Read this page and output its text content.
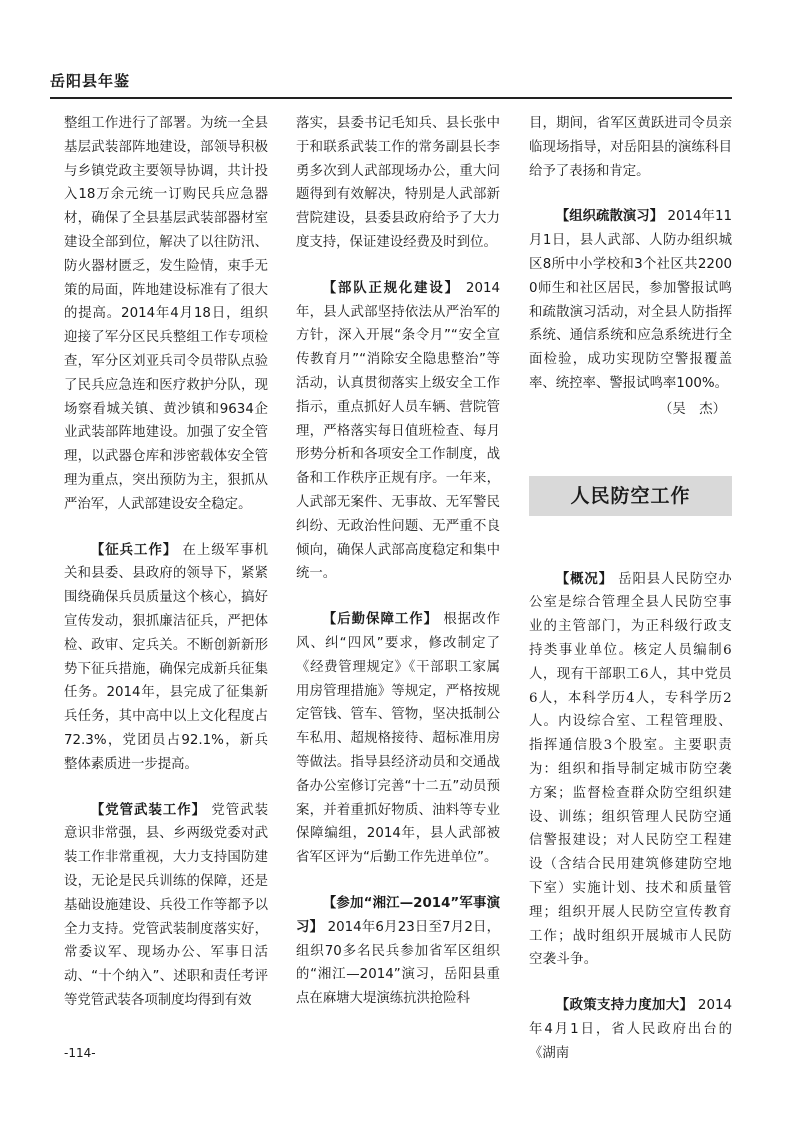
岳阳县年鉴

整组工作进行了部署。为统一全县基层武装部阵地建设，部领导积极与乡镇党政主要领导协调，共计投入18万余元统一订购民兵应急器材，确保了全县基层武装部器材室建设全部到位，解决了以往防汛、防火器材匮乏，发生险情，束手无策的局面，阵地建设标准有了很大的提高。2014年4月18日，组织迎接了军分区民兵整组工作专项检查，军分区刘亚兵司令员带队点验了民兵应急连和医疗救护分队，现场察看城关镇、黄沙镇和9634企业武装部阵地建设。加强了安全管理，以武器仓库和涉密载体安全管理为重点，突出预防为主，狠抓从严治军，人武部建设安全稳定。

【征兵工作】 在上级军事机关和县委、县政府的领导下，紧紧围绕确保兵员质量这个核心，搞好宣传发动，狠抓廉洁征兵，严把体检、政审、定兵关。不断创新新形势下征兵措施，确保完成新兵征集任务。2014年，县完成了征集新兵任务，其中高中以上文化程度占72.3%，党团员占92.1%，新兵整体素质进一步提高。

【党管武装工作】 党管武装意识非常强，县、乡两级党委对武装工作非常重视，大力支持国防建设，无论是民兵训练的保障，还是基础设施建设、兵役工作等都予以全力支持。党管武装制度落实好，常委议军、现场办公、军事日活动、“十个纳入”、述职和责任考评等党管武装各项制度均得到有效

落实，县委书记毛知兵、县长张中于和联系武装工作的常务副县长李勇多次到人武部现场办公，重大问题得到有效解决，特别是人武部新营院建设，县委县政府给予了大力度支持，保证建设经费及时到位。

【部队正规化建设】 2014年，县人武部坚持依法从严治军的方针，深入开展“条令月”“安全宣传教育月”“消除安全隐患整治”等活动，认真贯彻落实上级安全工作指示，重点抓好人员车辆、营院管理，严格落实每日值班检查、每月形势分析和各项安全工作制度，战备和工作秩序正规有序。一年来，人武部无案件、无事故、无军警民纠纷、无政治性问题、无严重不良倾向，确保人武部高度稳定和集中统一。

【后勤保障工作】 根据改作风、纠“四风”要求，修改制定了《经费管理规定》《干部职工家属用房管理措施》等规定，严格按规定管钱、管车、管物，坚决抵制公车私用、超规格接待、超标准用房等做法。指导县经济动员和交通战备办公室修订完善“十二五”动员预案，并着重抓好物质、油料等专业保障编组，2014年，县人武部被省军区评为“后勤工作先进单位”。

【参加“湘江—2014”军事演习】 2014年6月23日至7月2日，组织70多名民兵参加省军区组织的“湘江—2014”演习，岳阳县重点在麻塘大堤演练抗洪抢险科

目，期间，省军区黄跃进司令员亲临现场指导，对岳阳县的演练科目给予了表扬和肯定。

【组织疏散演习】 2014年11月1日，县人武部、人防办组织城区8所中小学校和3个社区共22000师生和社区居民，参加警报试鸣和疏散演习活动，对全县人防指挥系统、通信系统和应急系统进行全面检验，成功实现防空警报覆盖率、统控率、警报试鸣率100%。

（吴　杰）

人民防空工作

【概况】 岳阳县人民防空办公室是综合管理全县人民防空事业的主管部门，为正科级行政支持类事业单位。核定人员编制6人，现有干部职工6人，其中党员6人，本科学历4人，专科学历2人。内设综合室、工程管理股、指挥通信股3个股室。主要职责为：组织和指导制定城市防空袭方案；监督检查群众防空组织建设、训练；组织管理人民防空通信警报建设；对人民防空工程建设（含结合民用建筑修建防空地下室）实施计划、技术和质量管理；组织开展人民防空宣传教育工作；战时组织开展城市人民防空袭斗争。

【政策支持力度加大】 2014年4月1日，省人民政府出台的《湖南

-114-
